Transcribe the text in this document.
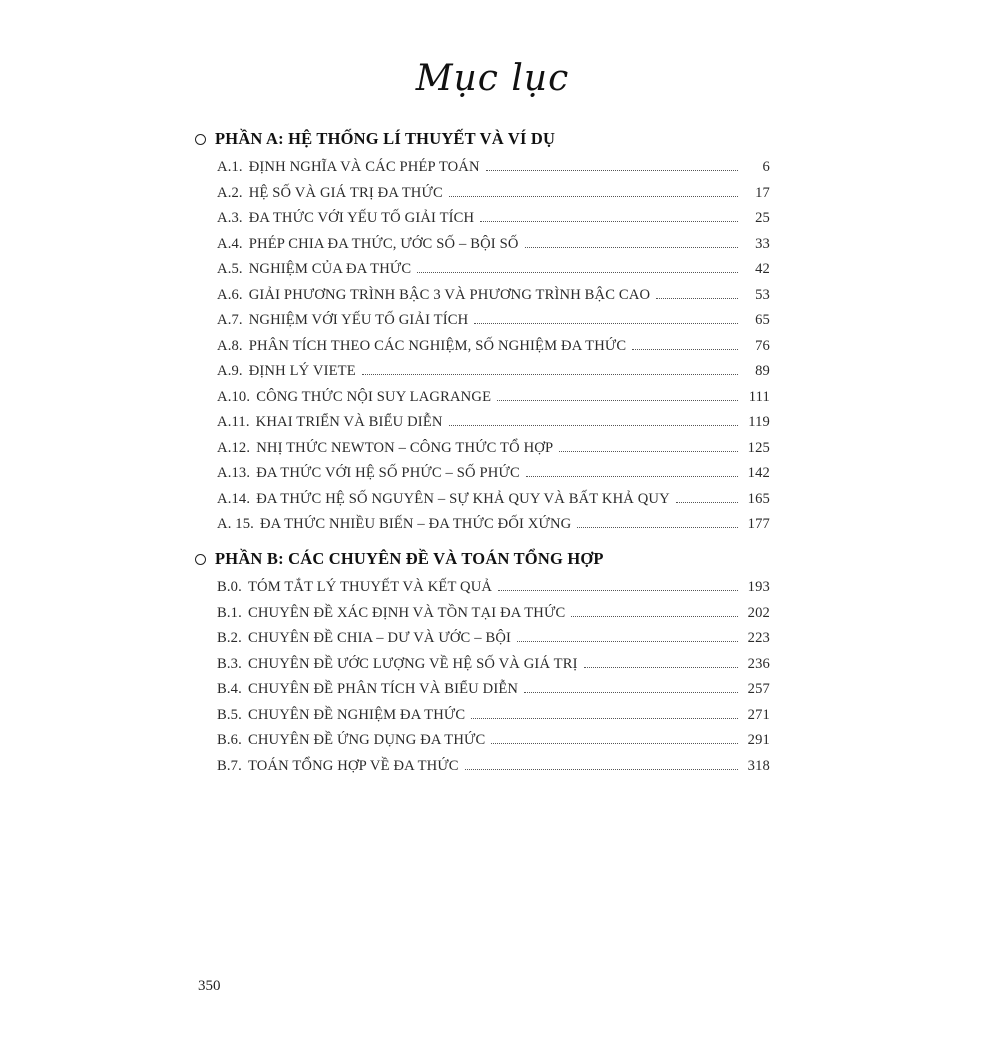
Mục lục
PHẦN A: HỆ THỐNG LÍ THUYẾT VÀ VÍ DỤ
A.1. ĐỊNH NGHĨA VÀ CÁC PHÉP TOÁN	6
A.2. HỆ SỐ VÀ GIÁ TRỊ ĐA THỨC	17
A.3. ĐA THỨC VỚI YẾU TỐ GIẢI TÍCH	25
A.4. PHÉP CHIA ĐA THỨC, ƯỚC SỐ – BỘI SỐ	33
A.5. NGHIỆM CỦA ĐA THỨC	42
A.6. GIẢI PHƯƠNG TRÌNH BẬC 3 VÀ PHƯƠNG TRÌNH BẬC CAO	53
A.7. NGHIỆM VỚI YẾU TỐ GIẢI TÍCH	65
A.8. PHÂN TÍCH THEO CÁC NGHIỆM, SỐ NGHIỆM ĐA THỨC	76
A.9. ĐỊNH LÝ VIETE	89
A.10. CÔNG THỨC NỘI SUY LAGRANGE	111
A.11. KHAI TRIỂN VÀ BIỂU DIỄN	119
A.12. NHỊ THỨC NEWTON – CÔNG THỨC TỔ HỢP	125
A.13. ĐA THỨC VỚI HỆ SỐ PHỨC – SỐ PHỨC	142
A.14. ĐA THỨC HỆ SỐ NGUYÊN – SỰ KHẢ QUY VÀ BẤT KHẢ QUY	165
A. 15. ĐA THỨC NHIỀU BIẾN – ĐA THỨC ĐỐI XỨNG	177
PHẦN B: CÁC CHUYÊN ĐỀ VÀ TOÁN TỔNG HỢP
B.0. TÓM TẮT LÝ THUYẾT VÀ KẾT QUẢ	193
B.1. CHUYÊN ĐỀ XÁC ĐỊNH VÀ TỒN TẠI ĐA THỨC	202
B.2. CHUYÊN ĐỀ CHIA – DƯ VÀ ƯỚC – BỘI	223
B.3. CHUYÊN ĐỀ ƯỚC LƯỢNG VỀ HỆ SỐ VÀ GIÁ TRỊ	236
B.4. CHUYÊN ĐỀ PHÂN TÍCH VÀ BIỂU DIỄN	257
B.5. CHUYÊN ĐỀ NGHIỆM ĐA THỨC	271
B.6. CHUYÊN ĐỀ ỨNG DỤNG ĐA THỨC	291
B.7. TOÁN TỔNG HỢP VỀ ĐA THỨC	318
350
